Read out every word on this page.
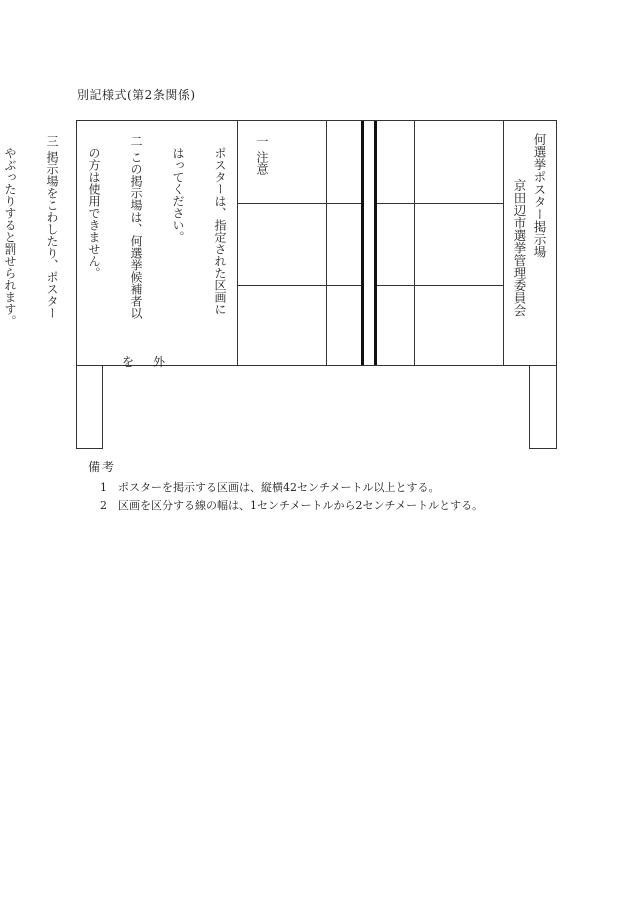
別記様式(第2条関係)

一 注意

　ポスターは、指定された区画に

　はってください。

二 この掲示場は、何選挙候補者以

　の方は使用できません。

三 掲示場をこわしたり、ポスター

　やぶったりすると罰せられます。

外
を
何選挙ポスター掲示場
京田辺市選挙管理委員会
備考
1 ポスターを掲示する区画は、縦横42センチメートル以上とする。
2 区画を区分する線の幅は、1センチメートルから2センチメートルとする。
